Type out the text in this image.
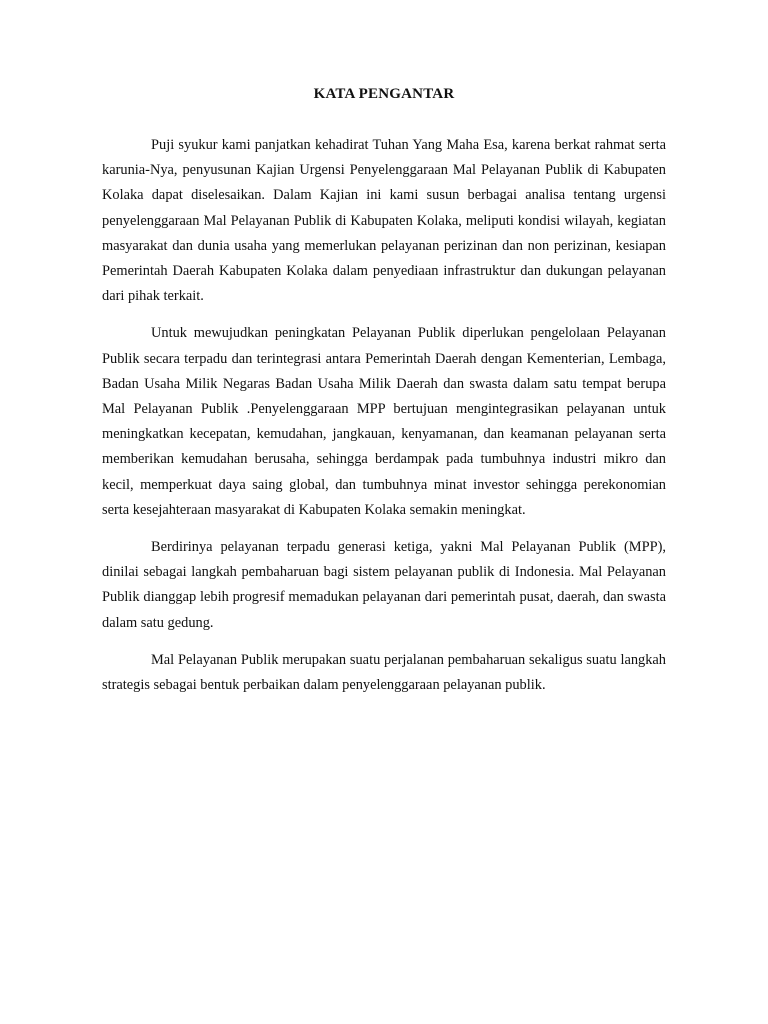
KATA PENGANTAR

Puji syukur kami panjatkan kehadirat Tuhan Yang Maha Esa, karena berkat rahmat serta karunia-Nya, penyusunan Kajian Urgensi Penyelenggaraan Mal Pelayanan Publik di Kabupaten Kolaka dapat diselesaikan. Dalam Kajian ini kami susun berbagai analisa tentang urgensi penyelenggaraan Mal Pelayanan Publik di Kabupaten Kolaka, meliputi kondisi wilayah, kegiatan masyarakat dan dunia usaha yang memerlukan pelayanan perizinan dan non perizinan, kesiapan Pemerintah Daerah Kabupaten Kolaka dalam penyediaan infrastruktur dan dukungan pelayanan dari pihak terkait.

Untuk mewujudkan peningkatan Pelayanan Publik diperlukan pengelolaan Pelayanan Publik secara terpadu dan terintegrasi antara Pemerintah Daerah dengan Kementerian, Lembaga, Badan Usaha Milik Negaras Badan Usaha Milik Daerah dan swasta dalam satu tempat berupa Mal Pelayanan Publik .Penyelenggaraan MPP bertujuan mengintegrasikan pelayanan untuk meningkatkan kecepatan, kemudahan, jangkauan, kenyamanan, dan keamanan pelayanan serta memberikan kemudahan berusaha, sehingga berdampak pada tumbuhnya industri mikro dan kecil, memperkuat daya saing global, dan tumbuhnya minat investor sehingga perekonomian serta kesejahteraan masyarakat di Kabupaten Kolaka semakin meningkat.

Berdirinya pelayanan terpadu generasi ketiga, yakni Mal Pelayanan Publik (MPP), dinilai sebagai langkah pembaharuan bagi sistem pelayanan publik di Indonesia. Mal Pelayanan Publik dianggap lebih progresif memadukan pelayanan dari pemerintah pusat, daerah, dan swasta dalam satu gedung.

Mal Pelayanan Publik merupakan suatu perjalanan pembaharuan sekaligus suatu langkah strategis sebagai bentuk perbaikan dalam penyelenggaraan pelayanan publik.
